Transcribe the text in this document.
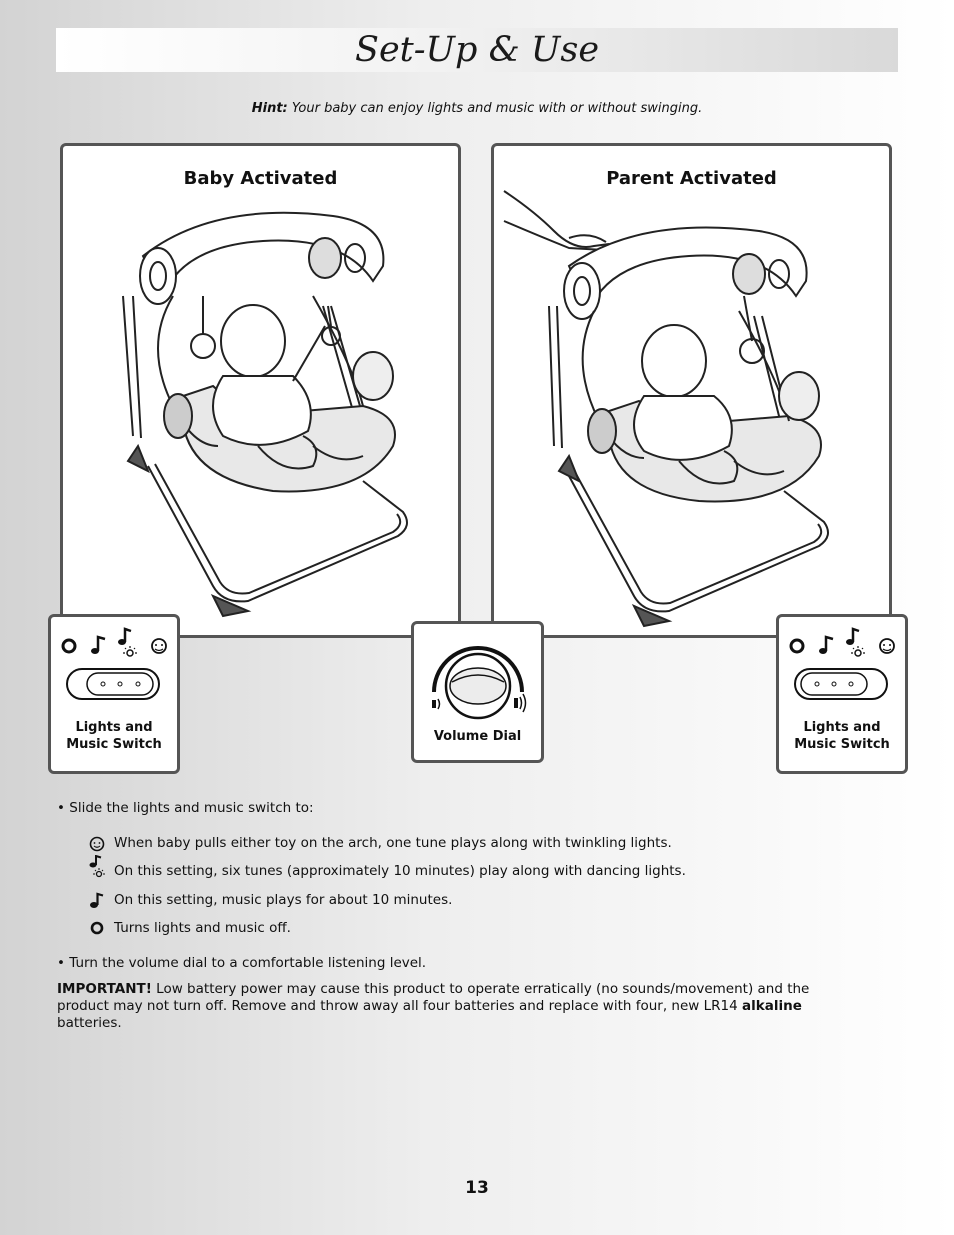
Set-Up & Use
Hint: Your baby can enjoy lights and music with or without swinging.
Baby Activated	Parent Activated
Lights and
Music Switch
Volume Dial
Lights and
Music Switch
• Slide the lights and music switch to:
When baby pulls either toy on the arch, one tune plays along with twinkling lights.
On this setting, six tunes (approximately 10 minutes) play along with dancing lights.
On this setting, music plays for about 10 minutes.
Turns lights and music off.
• Turn the volume dial to a comfortable listening level.
IMPORTANT! Low battery power may cause this product to operate erratically (no sounds/movement) and the product may not turn off. Remove and throw away all four batteries and replace with four, new LR14 alkaline batteries.
13
